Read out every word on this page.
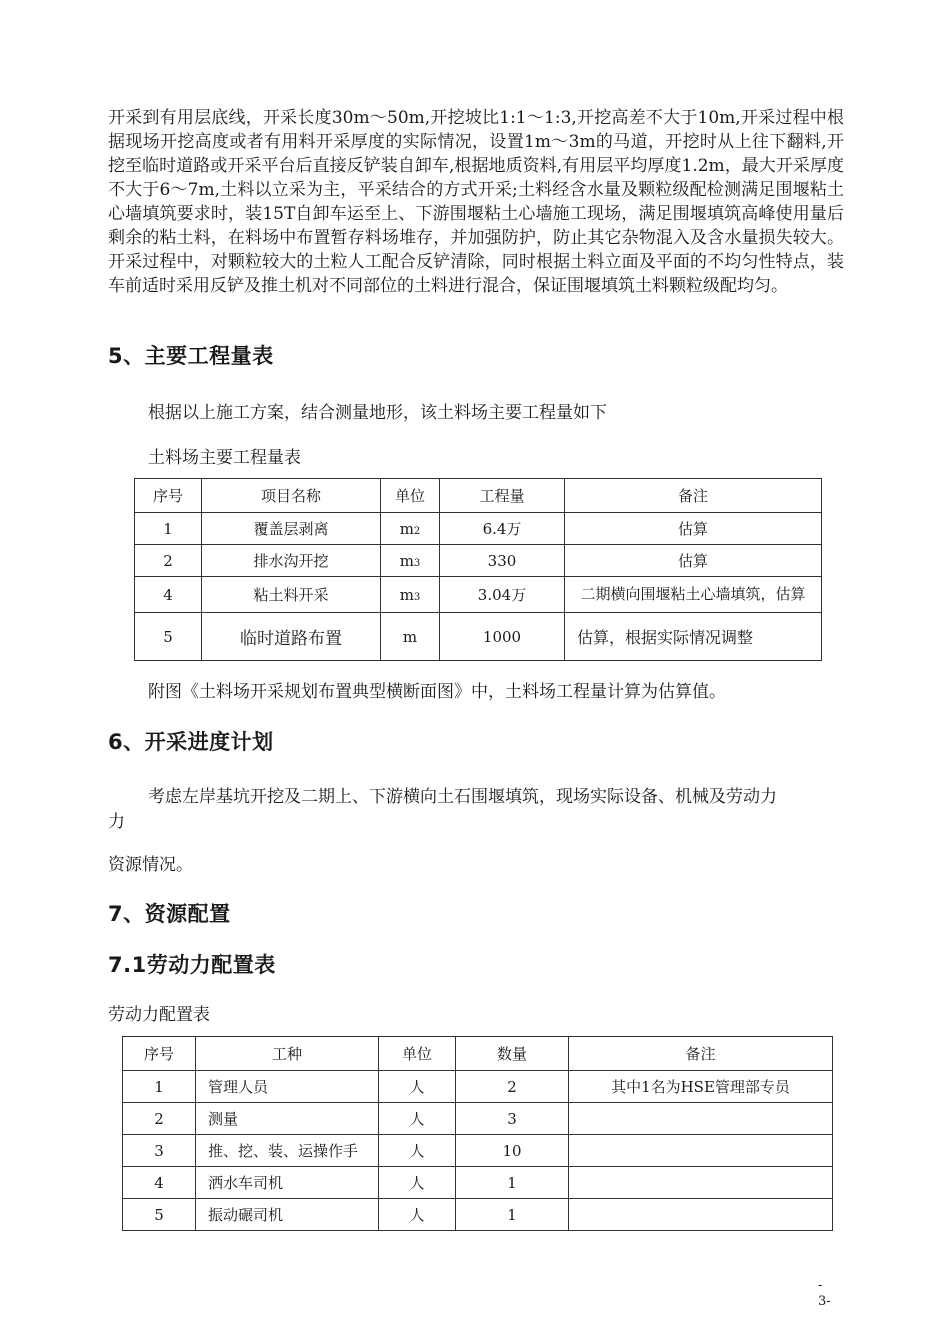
开采到有用层底线，开采长度30m～50m,开挖坡比1:1～1:3,开挖高差不大于10m,开采过程中根据现场开挖高度或者有用料开采厚度的实际情况，设置1m～3m的马道，开挖时从上往下翻料,开挖至临时道路或开采平台后直接反铲装自卸车,根据地质资料,有用层平均厚度1.2m，最大开采厚度不大于6～7m,土料以立采为主，平采结合的方式开采;土料经含水量及颗粒级配检测满足围堰粘土心墙填筑要求时，装15T自卸车运至上、下游围堰粘土心墙施工现场，满足围堰填筑高峰使用量后剩余的粘土料，在料场中布置暂存料场堆存，并加强防护，防止其它杂物混入及含水量损失较大。开采过程中，对颗粒较大的土粒人工配合反铲清除，同时根据土料立面及平面的不均匀性特点，装车前适时采用反铲及推土机对不同部位的土料进行混合，保证围堰填筑土料颗粒级配均匀。

5、主要工程量表

根据以上施工方案，结合测量地形，该土料场主要工程量如下

土料场主要工程量表

序号	项目名称	单位	工程量	备注
1	覆盖层剥离	m2	6.4万	估算
2	排水沟开挖	m3	330	估算
4	粘土料开采	m3	3.04万	二期横向围堰粘土心墙填筑，估算
5	临时道路布置	m	1000	估算，根据实际情况调整

附图《土料场开采规划布置典型横断面图》中，土料场工程量计算为估算值。

6、开采进度计划

考虑左岸基坑开挖及二期上、下游横向土石围堰填筑，现场实际设备、机械及劳动力

力

资源情况。

7、资源配置
7.1劳动力配置表

劳动力配置表

序号	工种	单位	数量	备注
1	管理人员	人	2	其中1名为HSE管理部专员
2	测量	人	3	
3	推、挖、装、运操作手	人	10	
4	洒水车司机	人	1	
5	振动碾司机	人	1	
-
3-
